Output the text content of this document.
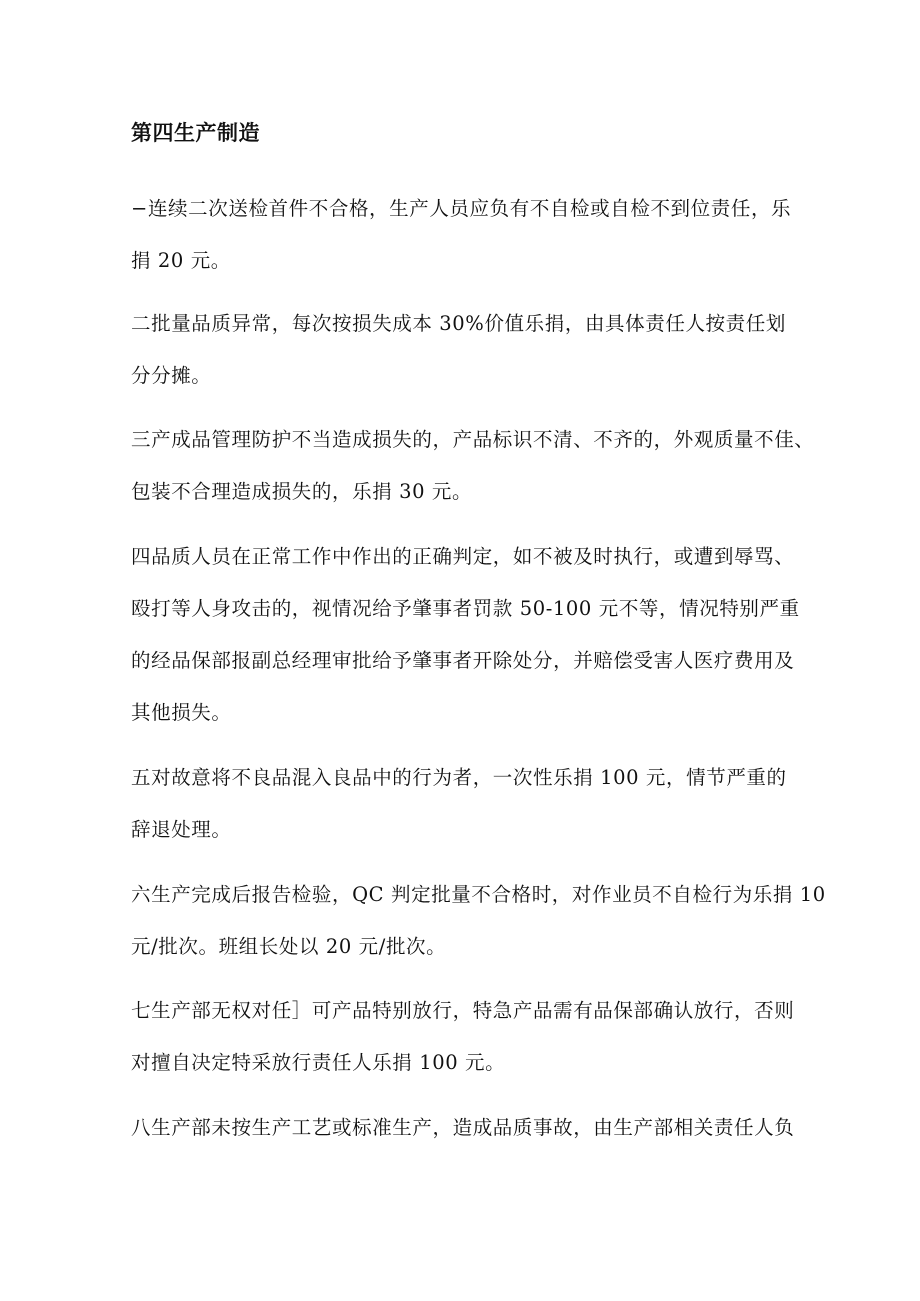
第四生产制造
−连续二次送检首件不合格，生产人员应负有不自检或自检不到位责任，乐
捐 20 元。
二批量品质异常，每次按损失成本 30%价值乐捐，由具体责任人按责任划
分分摊。
三产成品管理防护不当造成损失的，产品标识不清、不齐的，外观质量不佳、
包装不合理造成损失的，乐捐 30 元。
四品质人员在正常工作中作出的正确判定，如不被及时执行，或遭到辱骂、
殴打等人身攻击的，视情况给予肇事者罚款 50-100 元不等，情况特别严重
的经品保部报副总经理审批给予肇事者开除处分，并赔偿受害人医疗费用及
其他损失。
五对故意将不良品混入良品中的行为者，一次性乐捐 100 元，情节严重的
辞退处理。
六生产完成后报告检验，QC 判定批量不合格时，对作业员不自检行为乐捐 10
元/批次。班组长处以 20 元/批次。
七生产部无权对任］可产品特别放行，特急产品需有品保部确认放行，否则
对擅自决定特采放行责任人乐捐 100 元。
八生产部未按生产工艺或标准生产，造成品质事故，由生产部相关责任人负
